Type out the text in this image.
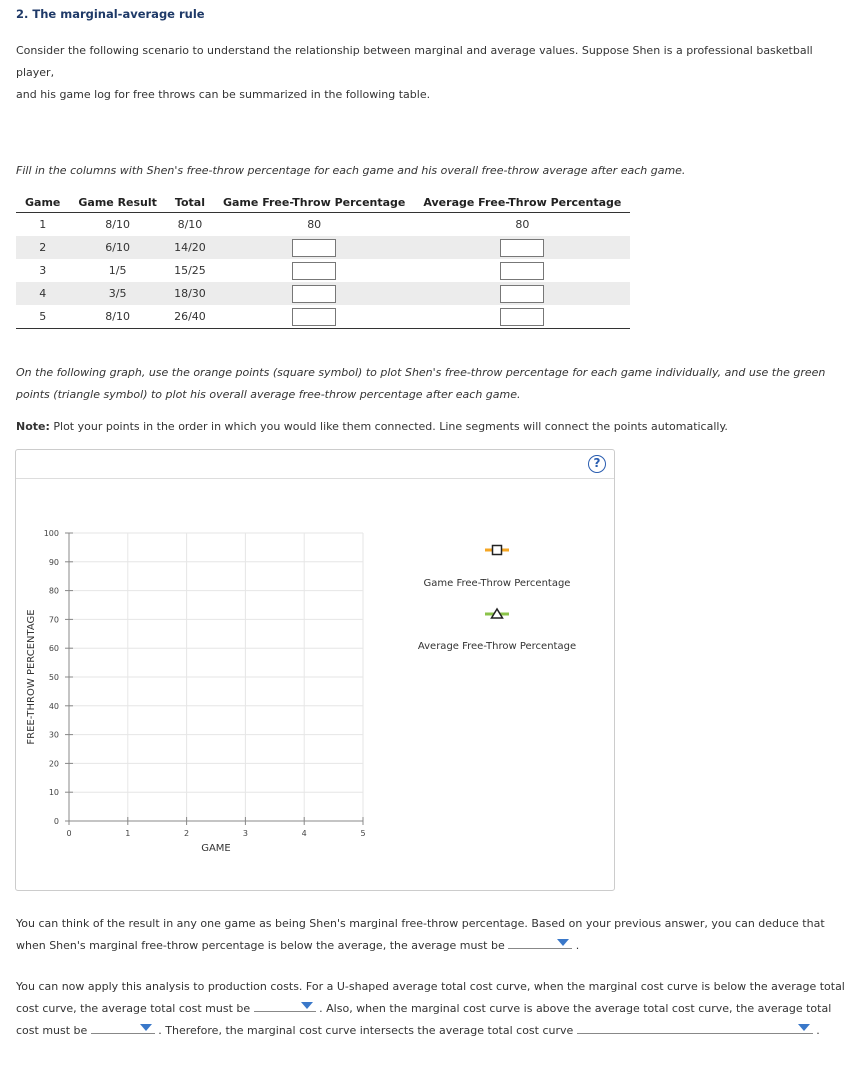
2. The marginal-average rule
Consider the following scenario to understand the relationship between marginal and average values. Suppose Shen is a professional basketball player,
and his game log for free throws can be summarized in the following table.
Fill in the columns with Shen's free-throw percentage for each game and his overall free-throw average after each game.
Game	Game Result	Total	Game Free-Throw Percentage	Average Free-Throw Percentage
1	8/10	8/10	80	80
2	6/10	14/20		
3	1/5	15/25		
4	3/5	18/30		
5	8/10	26/40		
On the following graph, use the orange points (square symbol) to plot Shen's free-throw percentage for each game individually, and use the green
points (triangle symbol) to plot his overall average free-throw percentage after each game.
Note: Plot your points in the order in which you would like them connected. Line segments will connect the points automatically.
?
0
10
20
30
40
50
60
70
80
90
100
0	1	2	3	4	5
GAME
FREE-THROW PERCENTAGE
Game Free-Throw Percentage
Average Free-Throw Percentage
You can think of the result in any one game as being Shen's marginal free-throw percentage. Based on your previous answer, you can deduce that
when Shen's marginal free-throw percentage is below the average, the average must be	.
You can now apply this analysis to production costs. For a U-shaped average total cost curve, when the marginal cost curve is below the average total
cost curve, the average total cost must be	. Also, when the marginal cost curve is above the average total cost curve, the average total
cost must be	. Therefore, the marginal cost curve intersects the average total cost curve	.
